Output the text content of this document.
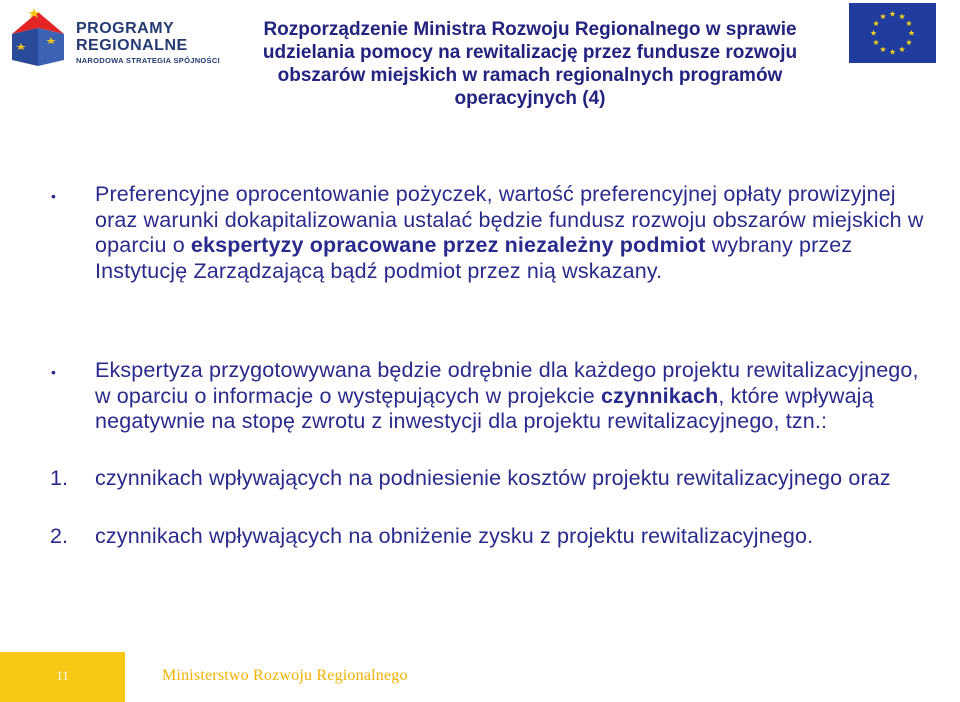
PROGRAMY
REGIONALNE
NARODOWA STRATEGIA SPÓJNOŚCI
Rozporządzenie Ministra Rozwoju Regionalnego w sprawie udzielania pomocy na rewitalizację przez fundusze rozwoju obszarów miejskich w ramach regionalnych programów operacyjnych (4)
• Preferencyjne oprocentowanie pożyczek, wartość preferencyjnej opłaty prowizyjnej oraz warunki dokapitalizowania ustalać będzie fundusz rozwoju obszarów miejskich w oparciu o ekspertyzy opracowane przez niezależny podmiot wybrany przez Instytucję Zarządzającą bądź podmiot przez nią wskazany.
• Ekspertyza przygotowywana będzie odrębnie dla każdego projektu rewitalizacyjnego, w oparciu o informacje o występujących w projekcie czynnikach, które wpływają negatywnie na stopę zwrotu z inwestycji dla projektu rewitalizacyjnego, tzn.:
1. czynnikach wpływających na podniesienie kosztów projektu rewitalizacyjnego oraz
2. czynnikach wpływających na obniżenie zysku z projektu rewitalizacyjnego.
11	Ministerstwo Rozwoju Regionalnego
